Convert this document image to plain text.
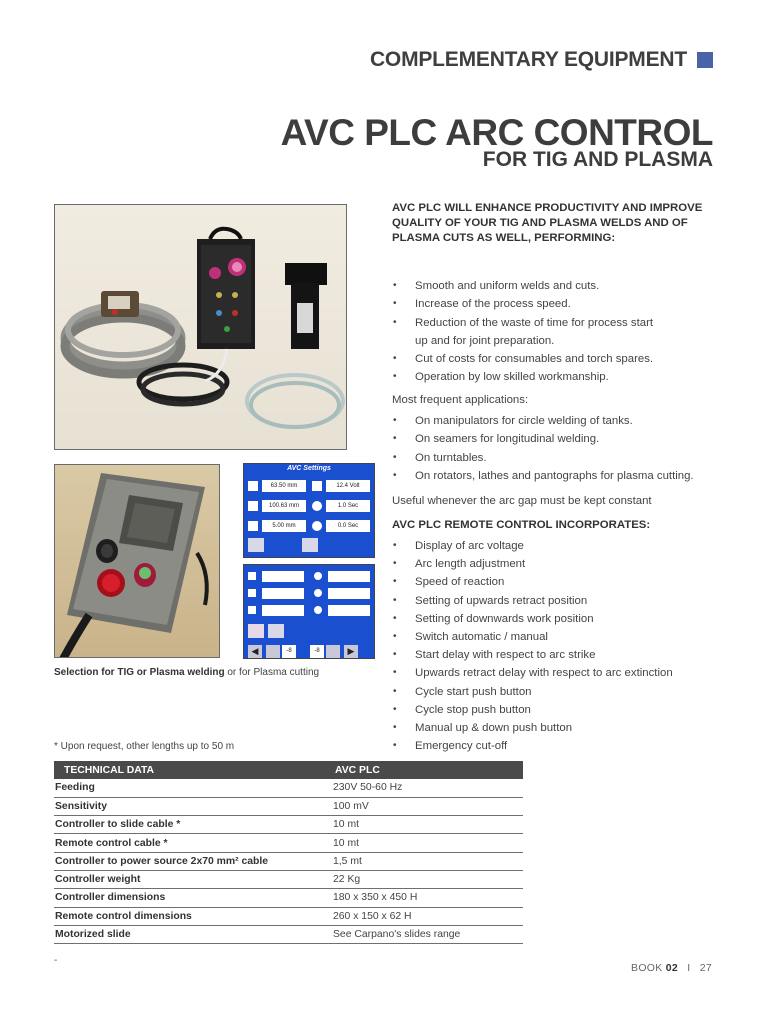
COMPLEMENTARY EQUIPMENT
AVC PLC ARC CONTROL
FOR TIG AND PLASMA
AVC PLC WILL ENHANCE PRODUCTIVITY AND IMPROVE QUALITY OF YOUR TIG AND PLASMA WELDS AND OF PLASMA CUTS AS WELL, PERFORMING:
• Smooth and uniform welds and cuts.
• Increase of the process speed.
• Reduction of the waste of time for process start
up and for joint preparation.
• Cut of costs for consumables and torch spares.
• Operation by low skilled workmanship.
Most frequent applications:
• On manipulators for circle welding of tanks.
• On seamers for longitudinal welding.
• On turntables.
• On rotators, lathes and pantographs for plasma cutting.
Useful whenever the arc gap must be kept constant
AVC PLC REMOTE CONTROL INCORPORATES:
• Display of arc voltage
• Arc length adjustment
• Speed of reaction
• Setting of upwards retract position
• Setting of downwards work position
• Switch automatic / manual
• Start delay with respect to arc strike
• Upwards retract delay with respect to arc extinction
• Cycle start push button
• Cycle stop push button
• Manual up & down push button
• Emergency cut-off
AVC Settings
63.50 mm	12.4 Volt
100.63 mm	1.0 Sec
5.00 mm	0.0 Sec
◀	-8	-8	▶
Selection for TIG or Plasma welding or for Plasma cutting
* Upon request, other lengths up to 50 m
TECHNICAL DATA	AVC PLC
Feeding	230V 50-60 Hz
Sensitivity	100 mV
Controller to slide cable *	10 mt
Remote control cable *	10 mt
Controller to power source 2x70 mm² cable	1,5 mt
Controller weight	22 Kg
Controller dimensions	180 x 350 x 450 H
Remote control dimensions	260 x 150 x 62 H
Motorized slide	See Carpano's slides range
-
BOOK 02 I 27
